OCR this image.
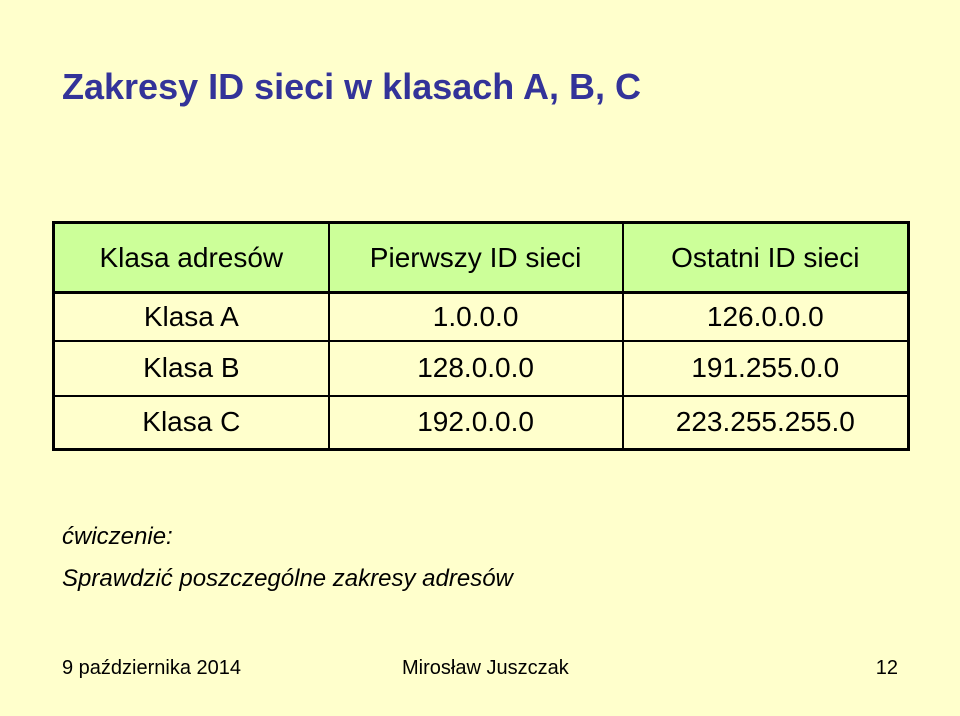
Zakresy ID sieci w klasach A, B, C
Klasa adresów	Pierwszy ID sieci	Ostatni ID sieci
Klasa A	1.0.0.0	126.0.0.0
Klasa B	128.0.0.0	191.255.0.0
Klasa C	192.0.0.0	223.255.255.0
ćwiczenie:
Sprawdzić poszczególne zakresy adresów
9 października 2014	Mirosław Juszczak	12
